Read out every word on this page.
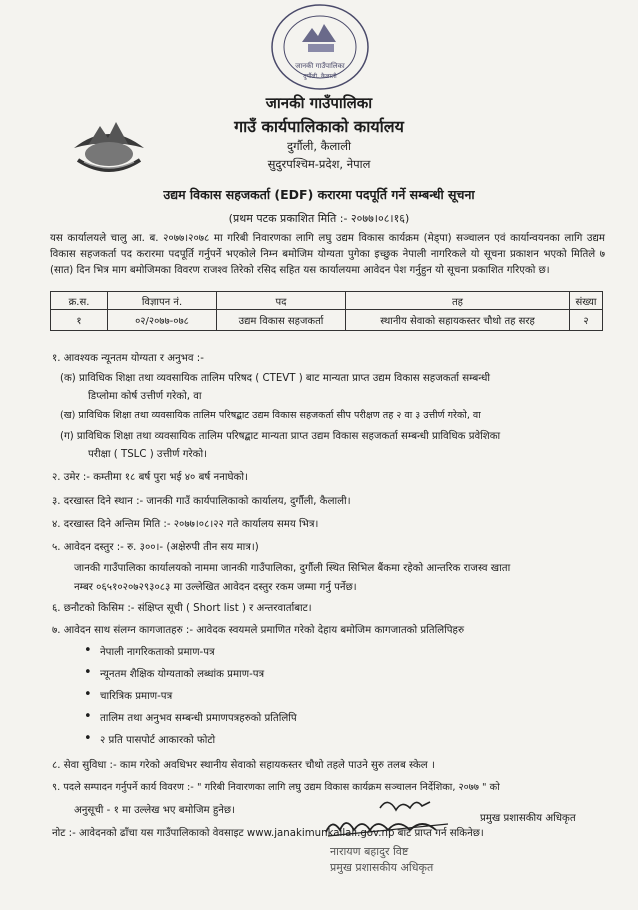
जानकी गाउँपालिका
दुर्गौली, कैलाली
जानकी गाउँपालिका
गाउँ कार्यपालिकाको कार्यालय
दुर्गौली, कैलाली
सुदुरपश्चिम-प्रदेश, नेपाल
उद्यम विकास सहजकर्ता (EDF) करारमा पदपूर्ति गर्ने सम्बन्धी सूचना
(प्रथम पटक प्रकाशित मिति :- २०७७।०८।१६)
यस कार्यालयले चालु आ. ब. २०७७।२०७८ मा गरिबी निवारणका लागि लघु उद्यम विकास कार्यक्रम (मेड्पा) सञ्चालन एवं कार्यान्वयनका लागि उद्यम विकास सहजकर्ता पद करारमा पदपूर्ति गर्नुपर्ने भएकोले निम्न बमोजिम योग्यता पुगेका इच्छुक नेपाली नागरिकले यो सूचना प्रकाशन भएको मितिले ७ (सात) दिन भित्र माग बमोजिमका विवरण राजश्व तिरेको रसिद सहित यस कार्यालयमा आवेदन पेश गर्नुहुन यो सूचना प्रकाशित गरिएको छ।
क्र.स.	विज्ञापन नं.	पद	तह	संख्या
१	०२/२०७७-०७८	उद्यम विकास सहजकर्ता	स्थानीय सेवाको सहायकस्तर चौथो तह सरह	२
१. आवश्यक न्यूनतम योग्यता र अनुभव :-
(क) प्राविधिक शिक्षा तथा व्यवसायिक तालिम परिषद ( CTEVT ) बाट मान्यता प्राप्त उद्यम विकास सहजकर्ता सम्बन्धी
डिप्लोमा कोर्ष उत्तीर्ण गरेको, वा
(ख) प्राविधिक शिक्षा तथा व्यवसायिक तालिम परिषद्बाट उद्यम विकास सहजकर्ता सीप परीक्षण तह २ वा ३ उत्तीर्ण गरेको, वा
(ग) प्राविधिक शिक्षा तथा व्यवसायिक तालिम परिषद्बाट मान्यता प्राप्त उद्यम विकास सहजकर्ता सम्बन्धी प्राविधिक प्रवेशिका
परीक्षा ( TSLC ) उत्तीर्ण गरेको।
२. उमेर :- कम्तीमा १८ बर्ष पुरा भई ४० बर्ष ननाघेको।
३. दरखास्त दिने स्थान :- जानकी गाउँ कार्यपालिकाको कार्यालय, दुर्गौली, कैलाली।
४. दरखास्त दिने अन्तिम मिति :- २०७७।०८।२२ गते कार्यालय समय भित्र।
५. आवेदन दस्तुर :- रु. ३००।- (अक्षेरुपी तीन सय मात्र।)
जानकी गाउँपालिका कार्यालयको नाममा जानकी गाउँपालिका, दुर्गौली स्थित सिभिल बैंकमा रहेको आन्तरिक राजस्व खाता
नम्बर ०६५१०२०७२९३०८३ मा उल्लेखित आवेदन दस्तुर रकम जम्मा गर्नु पर्नेछ।
६. छनौटको किसिम :- संक्षिप्त सूची ( Short list ) र अन्तरवार्ताबाट।
७. आवेदन साथ संलग्न कागजातहरु :- आवेदक स्वयमले प्रमाणित गरेको देहाय बमोजिम कागजातको प्रतिलिपिहरु
• नेपाली नागरिकताको प्रमाण-पत्र
• न्यूनतम शैक्षिक योग्यताको लब्धांक प्रमाण-पत्र
• चारित्रिक प्रमाण-पत्र
• तालिम तथा अनुभव सम्बन्धी प्रमाणपत्रहरुको प्रतिलिपि
• २ प्रति पासपोर्ट आकारको फोटो
८. सेवा सुविधा :- काम गरेको अवधिभर स्थानीय सेवाको सहायकस्तर चौथो तहले पाउने सुरु तलब स्केल ।
९. पदले सम्पादन गर्नुपर्ने कार्य विवरण :- " गरिबी निवारणका लागि लघु उद्यम विकास कार्यक्रम सञ्चालन निर्देशिका, २०७७ " को
अनुसूची - १ मा उल्लेख भए बमोजिम हुनेछ।
नोट :- आवेदनको ढाँचा यस गाउँपालिकाको वेवसाइट www.janakimunkailali.gov.np बाट प्राप्त गर्न सकिनेछ।
नारायण बहादुर विष्ट
प्रमुख प्रशासकीय अधिकृत
प्रमुख प्रशासकीय अधिकृत
